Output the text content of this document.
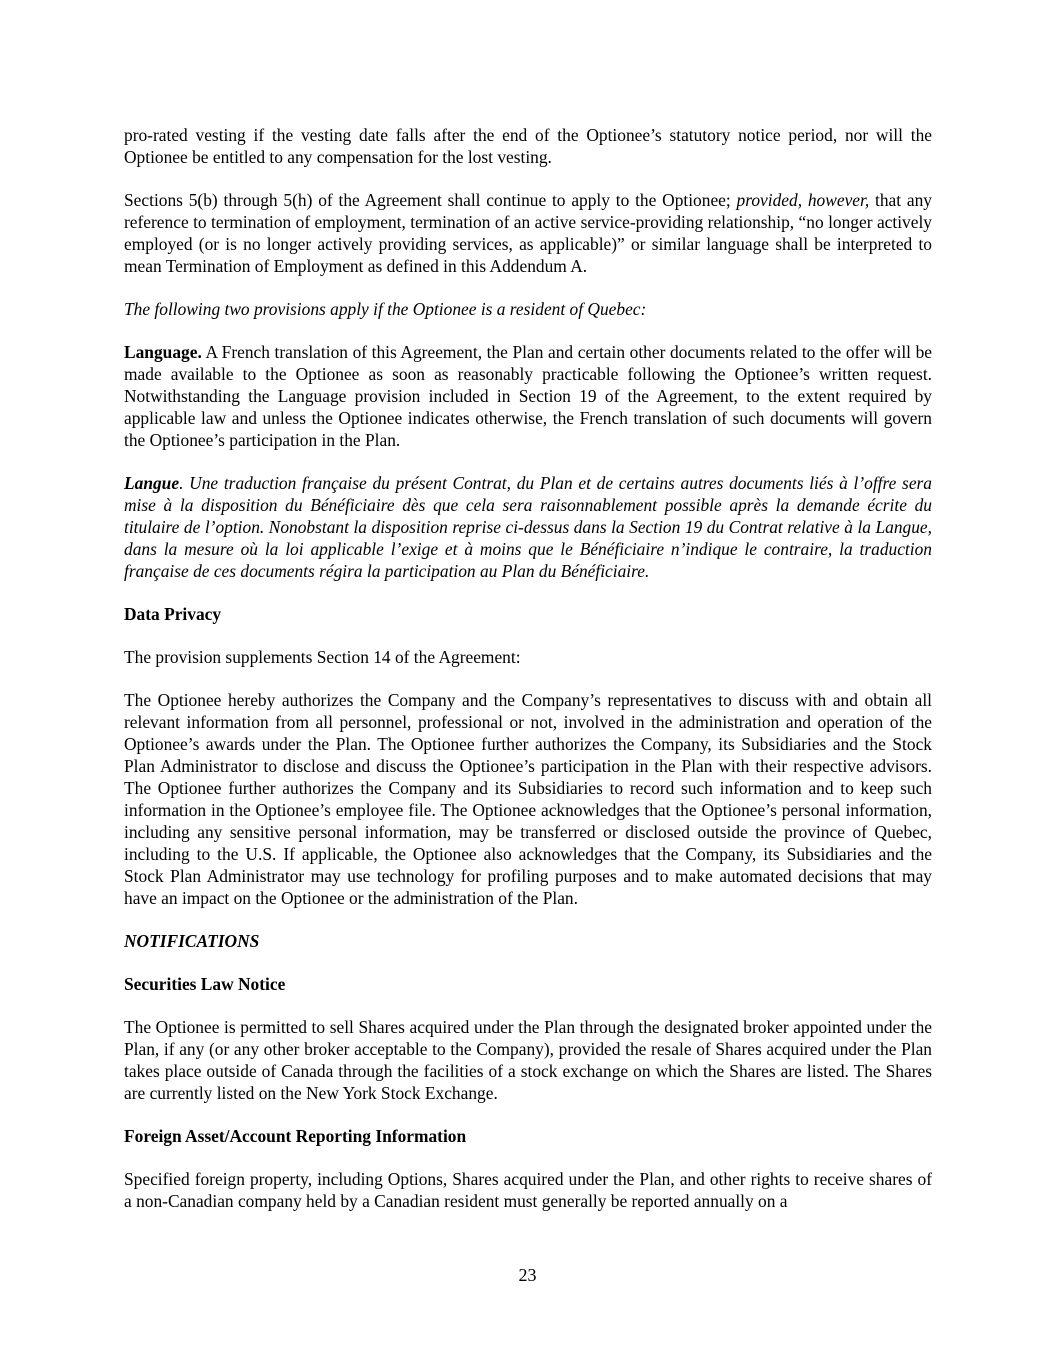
pro-rated vesting if the vesting date falls after the end of the Optionee’s statutory notice period, nor will the Optionee be entitled to any compensation for the lost vesting.

Sections 5(b) through 5(h) of the Agreement shall continue to apply to the Optionee; provided, however, that any reference to termination of employment, termination of an active service-providing relationship, “no longer actively employed (or is no longer actively providing services, as applicable)” or similar language shall be interpreted to mean Termination of Employment as defined in this Addendum A.

The following two provisions apply if the Optionee is a resident of Quebec:

Language. A French translation of this Agreement, the Plan and certain other documents related to the offer will be made available to the Optionee as soon as reasonably practicable following the Optionee’s written request. Notwithstanding the Language provision included in Section 19 of the Agreement, to the extent required by applicable law and unless the Optionee indicates otherwise, the French translation of such documents will govern the Optionee’s participation in the Plan.

Langue. Une traduction française du présent Contrat, du Plan et de certains autres documents liés à l’offre sera mise à la disposition du Bénéficiaire dès que cela sera raisonnablement possible après la demande écrite du titulaire de l’option. Nonobstant la disposition reprise ci-dessus dans la Section 19 du Contrat relative à la Langue, dans la mesure où la loi applicable l’exige et à moins que le Bénéficiaire n’indique le contraire, la traduction française de ces documents régira la participation au Plan du Bénéficiaire.

Data Privacy

The provision supplements Section 14 of the Agreement:

The Optionee hereby authorizes the Company and the Company’s representatives to discuss with and obtain all relevant information from all personnel, professional or not, involved in the administration and operation of the Optionee’s awards under the Plan. The Optionee further authorizes the Company, its Subsidiaries and the Stock Plan Administrator to disclose and discuss the Optionee’s participation in the Plan with their respective advisors. The Optionee further authorizes the Company and its Subsidiaries to record such information and to keep such information in the Optionee’s employee file. The Optionee acknowledges that the Optionee’s personal information, including any sensitive personal information, may be transferred or disclosed outside the province of Quebec, including to the U.S. If applicable, the Optionee also acknowledges that the Company, its Subsidiaries and the Stock Plan Administrator may use technology for profiling purposes and to make automated decisions that may have an impact on the Optionee or the administration of the Plan.

NOTIFICATIONS

Securities Law Notice

The Optionee is permitted to sell Shares acquired under the Plan through the designated broker appointed under the Plan, if any (or any other broker acceptable to the Company), provided the resale of Shares acquired under the Plan takes place outside of Canada through the facilities of a stock exchange on which the Shares are listed. The Shares are currently listed on the New York Stock Exchange.

Foreign Asset/Account Reporting Information

Specified foreign property, including Options, Shares acquired under the Plan, and other rights to receive shares of a non-Canadian company held by a Canadian resident must generally be reported annually on a

23
